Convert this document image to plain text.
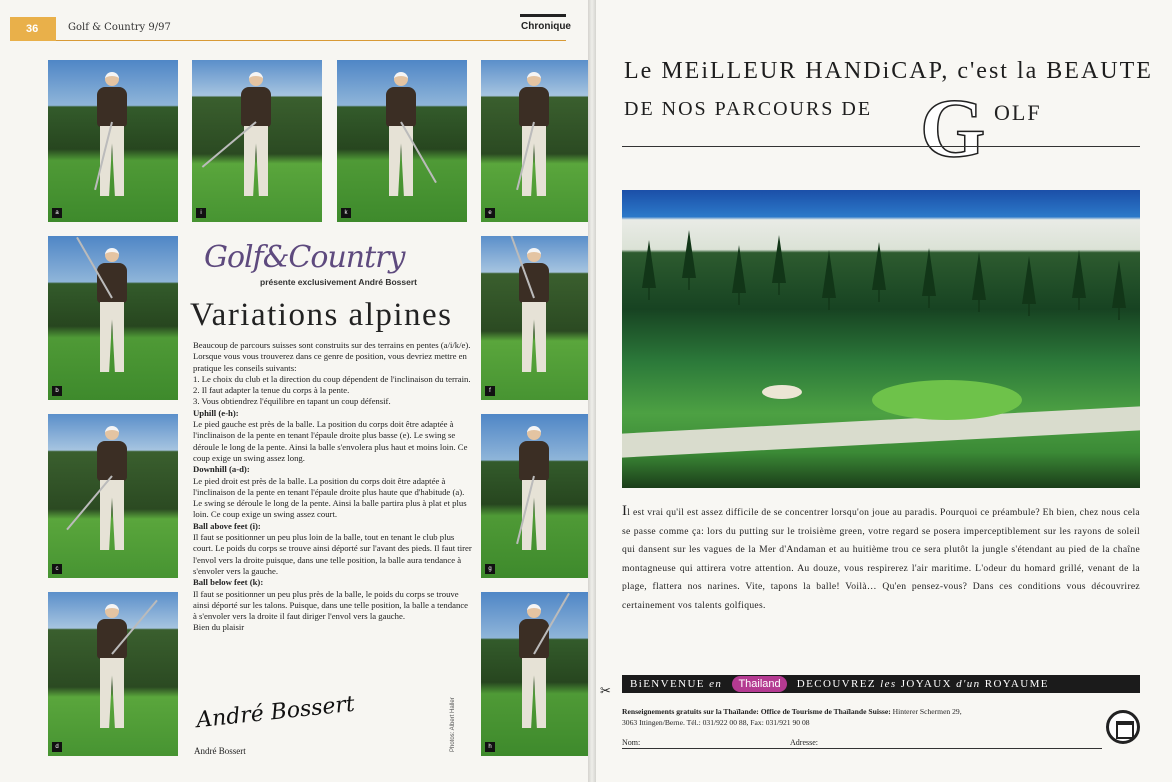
36	Golf & Country 9/97	Chronique
a	i	k	e
b	f
c	g
d	h
Golf&Country
présente exclusivement André Bossert
Variations alpines

Beaucoup de parcours suisses sont construits sur des terrains en pentes (a/i/k/e). Lorsque vous vous trouverez dans ce genre de position, vous devriez mettre en pratique les conseils suivants:

1. Le choix du club et la direction du coup dépendent de l'inclinaison du terrain.
2. Il faut adapter la tenue du corps à la pente.
3. Vous obtiendrez l'équilibre en tapant un coup défensif.

Uphill (e-h):

Le pied gauche est près de la balle. La position du corps doit être adaptée à l'inclinaison de la pente en tenant l'épaule droite plus basse (e). Le swing se déroule le long de la pente. Ainsi la balle s'envolera plus haut et moins loin. Ce coup exige un swing assez long.

Downhill (a-d):

Le pied droit est près de la balle. La position du corps doit être adaptée à l'inclinaison de la pente en tenant l'épaule droite plus haute que d'habitude (a). Le swing se déroule le long de la pente. Ainsi la balle partira plus à plat et plus loin. Ce coup exige un swing assez court.

Ball above feet (i):

Il faut se positionner un peu plus loin de la balle, tout en tenant le club plus court. Le poids du corps se trouve ainsi déporté sur l'avant des pieds. Il faut tirer l'envol vers la droite puisque, dans une telle position, la balle aura tendance à s'envoler vers la gauche.

Ball below feet (k):

Il faut se positionner un peu plus près de la balle, le poids du corps se trouve ainsi déporté sur les talons. Puisque, dans une telle position, la balle a tendance à s'envoler vers la droite il faut diriger l'envol vers la gauche.

Bien du plaisir

André Bossert
André Bossert	Photos: Albert Haller
Le MEiLLEUR HANDiCAP, c'est la BEAUTE
DE NOS PARCOURS DE G OLF

Il est vrai qu'il est assez difficile de se concentrer lorsqu'on joue au paradis. Pourquoi ce préambule? Eh bien, chez nous cela se passe comme ça: lors du putting sur le troisième green, votre regard se posera imperceptiblement sur les rayons de soleil qui dansent sur les vagues de la Mer d'Andaman et au huitième trou ce sera plutôt la jungle s'étendant au pied de la chaîne montagneuse qui attirera votre attention. Au douze, vous respirerez l'air maritime. L'odeur du homard grillé, venant de la plage, flattera nos narines. Vite, tapons la balle! Voilà… Qu'en pensez-vous? Dans ces conditions vous découvrirez certainement vos talents golfiques.

✂	BiENVENUE en Thailand DECOUVREZ les JOYAUX d'un ROYAUME
Renseignements gratuits sur la Thaïlande: Office de Tourisme de Thaïlande Suisse: Hinterer Schermen 29,
3063 Ittingen/Berne. Tél.: 031/922 00 88, Fax: 031/921 90 08
Nom:	Adresse:
